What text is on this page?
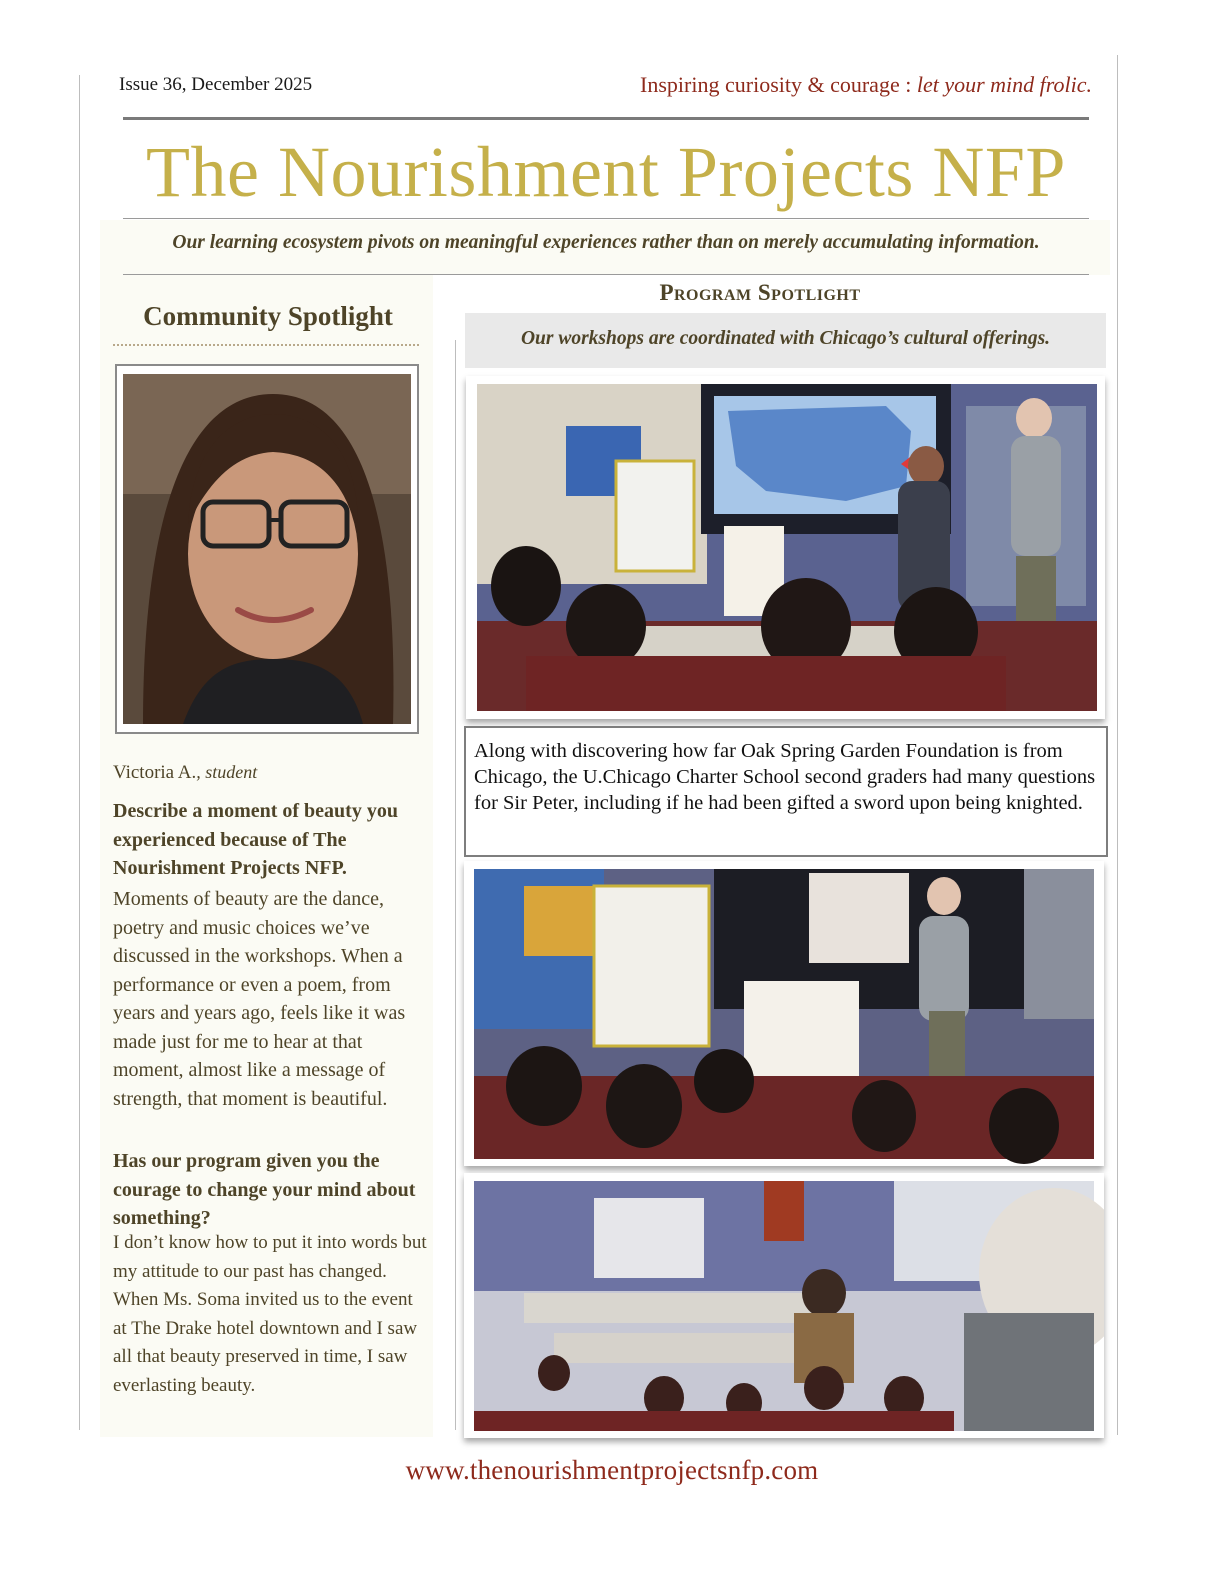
Issue 36, December 2025	Inspiring curiosity & courage : let your mind frolic.
The Nourishment Projects NFP
Our learning ecosystem pivots on meaningful experiences rather than on merely accumulating information.
Community Spotlight
Victoria A., student
Describe a moment of beauty you experienced because of The Nourishment Projects NFP.
Moments of beauty are the dance, poetry and music choices we’ve discussed in the workshops. When a performance or even a poem, from years and years ago, feels like it was made just for me to hear at that moment, almost like a message of strength, that moment is beautiful.
Has our program given you the courage to change your mind about something?
I don’t know how to put it into words but my attitude to our past has changed. When Ms. Soma invited us to the event at The Drake hotel downtown and I saw all that beauty preserved in time, I saw everlasting beauty.
Program Spotlight
Our workshops are coordinated with Chicago’s cultural offerings.
Along with discovering how far Oak Spring Garden Foundation is from Chicago, the U.Chicago Charter School second graders had many questions for Sir Peter, including if he had been gifted a sword upon being knighted.
www.thenourishmentprojectsnfp.com
